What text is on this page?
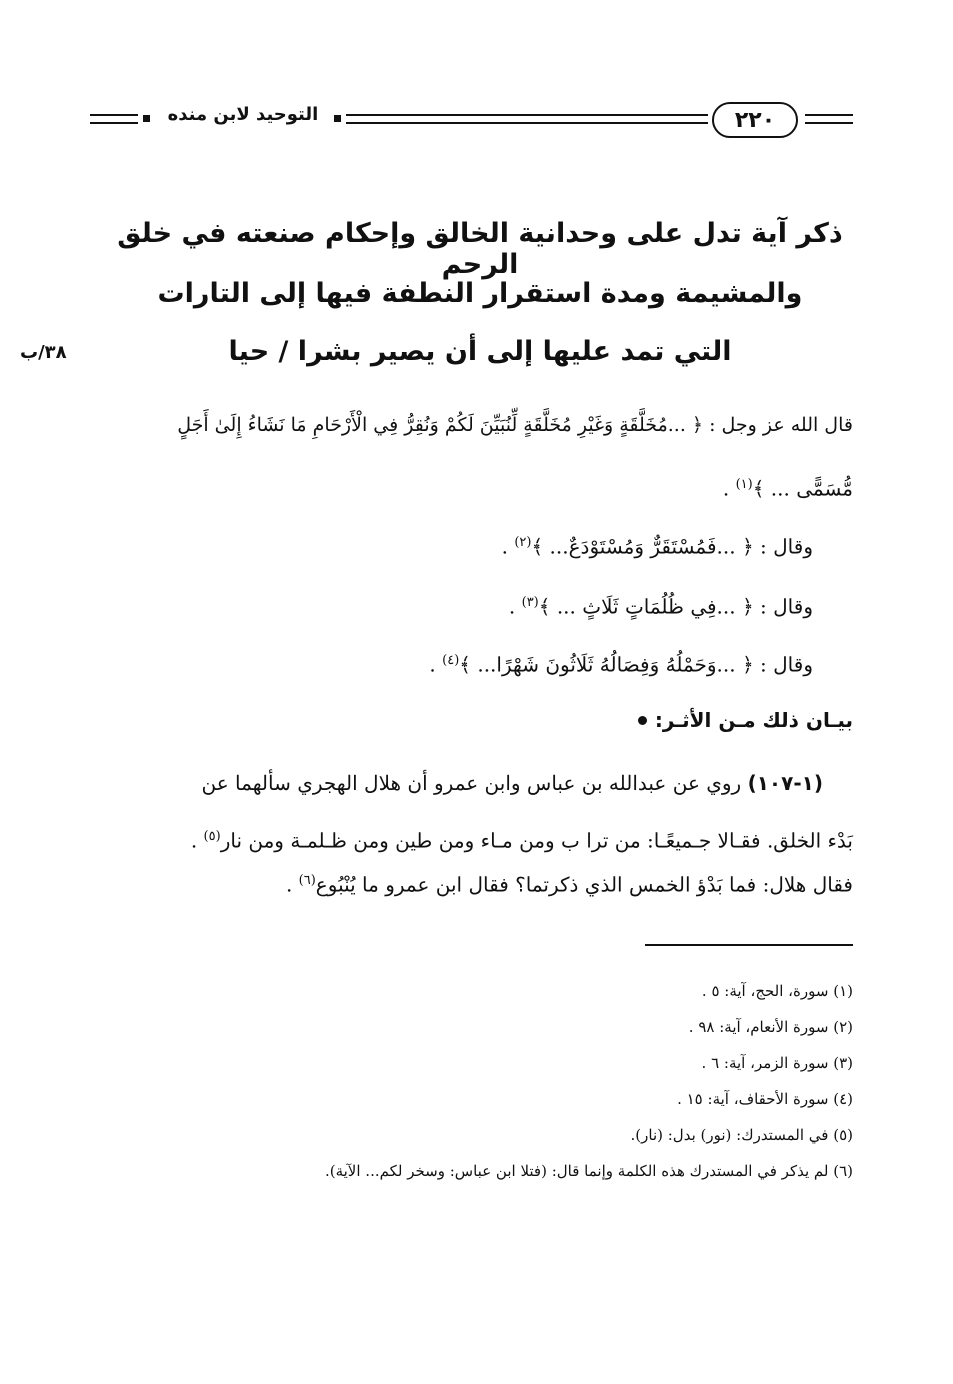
٢٢٠
التوحيد لابن منده
ذكر آية تدل على وحدانية الخالق وإحكام صنعته في خلق الرحم
والمشيمة ومدة استقرار النطفة فيها إلى التارات
التي تمد عليها إلى أن يصير بشرا / حيا
٣٨/ب
قال الله عز وجل : ﴿ ...مُخَلَّقَةٍ وَغَيْرِ مُخَلَّقَةٍ لِّنُبَيِّنَ لَكُمْ وَنُقِرُّ فِي الْأَرْحَامِ مَا نَشَاءُ إِلَىٰ أَجَلٍ
مُّسَمًّى ... ﴾$^{(١)}$ .
وقال : ﴿ ...فَمُسْتَقَرٌّ وَمُسْتَوْدَعٌ... ﴾$^{(٢)}$ .
وقال : ﴿ ...فِي ظُلُمَاتٍ ثَلَاثٍ ... ﴾$^{(٣)}$ .
وقال : ﴿ ...وَحَمْلُهُ وَفِصَالُهُ ثَلَاثُونَ شَهْرًا... ﴾$^{(٤)}$ .
بيـان ذلك مـن الأثـر:
(١-١٠٧) روي عن عبدالله بن عباس وابن عمرو أن هلال الهجري سألهما عن
بَدْء الخلق. فقـالا جـميعًـا: من ترا ب ومن مـاء ومن طين ومن ظـلمـة ومن نار$^{(٥)}$ .
فقال هلال: فما بَدْؤ الخمس الذي ذكرتما؟ فقال ابن عمرو ما يُنْبُوع$^{(٦)}$ .
(١) سورة، الحج، آية: ٥ .
(٢) سورة الأنعام، آية: ٩٨ .
(٣) سورة الزمر، آية: ٦ .
(٤) سورة الأحقاف، آية: ١٥ .
(٥) في المستدرك: (نور) بدل: (نار).
(٦) لم يذكر في المستدرك هذه الكلمة وإنما قال: (فتلا ابن عباس: وسخر لكم... الآية).
